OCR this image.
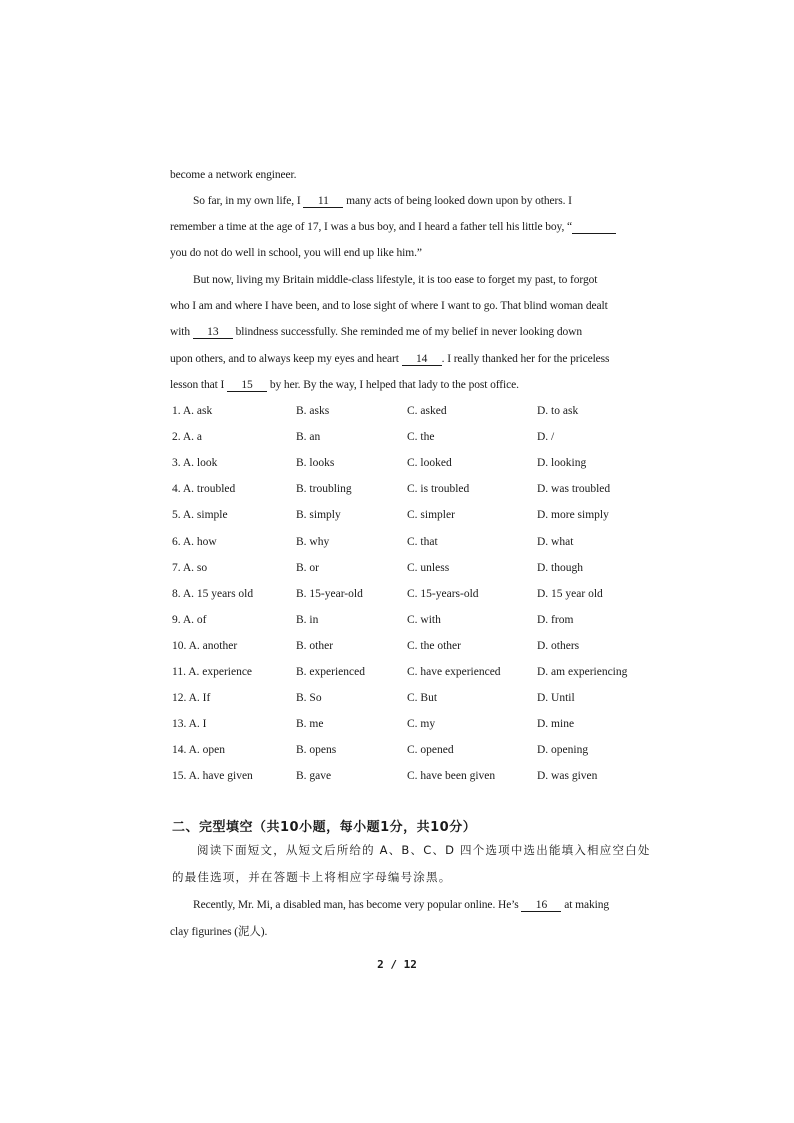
become a network engineer.
So far, in my own life, I 11 many acts of being looked down upon by others. I
remember a time at the age of 17, I was a bus boy, and I heard a father tell his little boy, “
you do not do well in school, you will end up like him.”
But now, living my Britain middle-class lifestyle, it is too ease to forget my past, to forgot
who I am and where I have been, and to lose sight of where I want to go. That blind woman dealt
with 13 blindness successfully. She reminded me of my belief in never looking down
upon others, and to always keep my eyes and heart 14 . I really thanked her for the priceless
lesson that I 15 by her. By the way, I helped that lady to the post office.
1. A. ask	B. asks	C. asked	D. to ask
2. A. a	B. an	C. the	D. /
3. A. look	B. looks	C. looked	D. looking
4. A. troubled	B. troubling	C. is troubled	D. was troubled
5. A. simple	B. simply	C. simpler	D. more simply
6. A. how	B. why	C. that	D. what
7. A. so	B. or	C. unless	D. though
8. A. 15 years old	B. 15-year-old	C. 15-years-old	D. 15 year old
9. A. of	B. in	C. with	D. from
10. A. another	B. other	C. the other	D. others
11. A. experience	B. experienced	C. have experienced	D. am experiencing
12. A. If	B. So	C. But	D. Until
13. A. I	B. me	C. my	D. mine
14. A. open	B. opens	C. opened	D. opening
15. A. have given	B. gave	C. have been given	D. was given
二、完型填空（共10小题，每小题1分，共10分）
阅读下面短文，从短文后所给的 A、B、C、D 四个选项中选出能填入相应空白处
的最佳选项，并在答题卡上将相应字母编号涂黑。
Recently, Mr. Mi, a disabled man, has become very popular online. He’s 16 at making
clay figurines (泥人).
2 / 12
